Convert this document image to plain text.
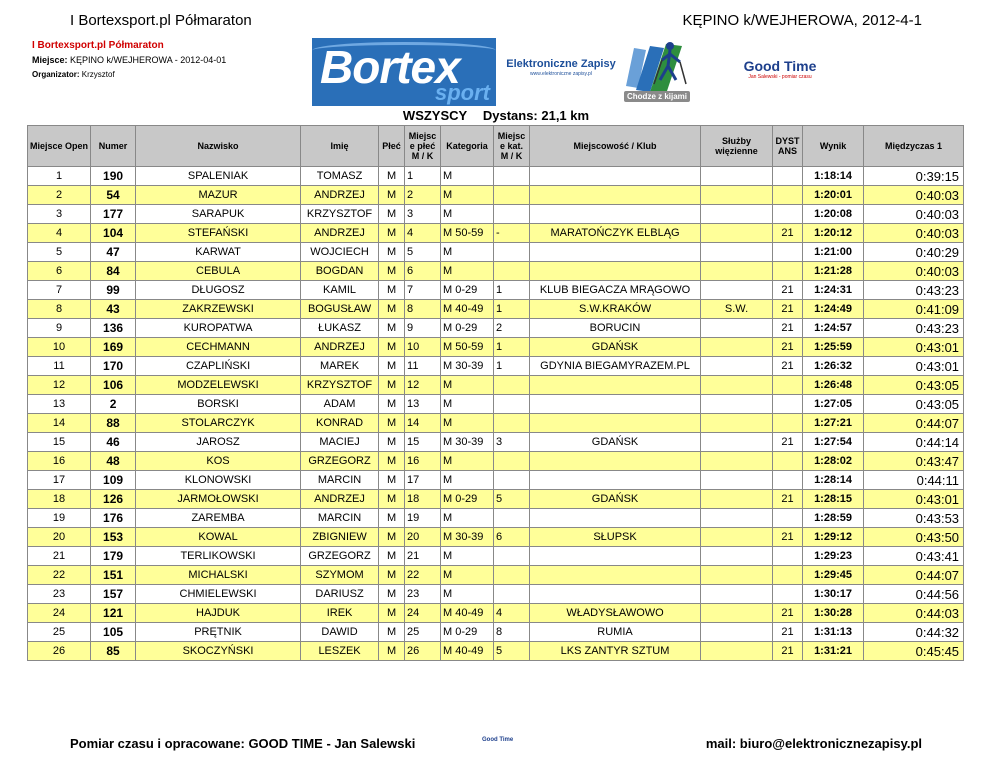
I Bortexsport.pl Półmaraton	KĘPINO k/WEJHEROWA, 2012-4-1
I Bortexsport.pl Półmaraton
Miejsce: KĘPINO k/WEJHEROWA - 2012-04-01
Organizator: Krzysztof	Bortex
sport
Elektroniczne Zapisy
www.elektroniczne zapisy.pl
Chodze z kijami
Good Time
Jan Salewski - pomiar czasu
WSZYSCY Dystans: 21,1 km
Miejsce Open	Numer	Nazwisko	Imię	Płeć	Miejsc e płeć M / K	Kategoria	Miejsc e kat. M / K	Miejscowość / Klub	Służby więzienne	DYST ANS	Wynik	Międzyczas 1
1	190	SPALENIAK	TOMASZ	M	1	M					1:18:14	0:39:15
2	54	MAZUR	ANDRZEJ	M	2	M					1:20:01	0:40:03
3	177	SARAPUK	KRZYSZTOF	M	3	M					1:20:08	0:40:03
4	104	STEFAŃSKI	ANDRZEJ	M	4	M 50-59	-	MARATOŃCZYK ELBLĄG		21	1:20:12	0:40:03
5	47	KARWAT	WOJCIECH	M	5	M					1:21:00	0:40:29
6	84	CEBULA	BOGDAN	M	6	M					1:21:28	0:40:03
7	99	DŁUGOSZ	KAMIL	M	7	M 0-29	1	KLUB BIEGACZA MRĄGOWO		21	1:24:31	0:43:23
8	43	ZAKRZEWSKI	BOGUSŁAW	M	8	M 40-49	1	S.W.KRAKÓW	S.W.	21	1:24:49	0:41:09
9	136	KUROPATWA	ŁUKASZ	M	9	M 0-29	2	BORUCIN		21	1:24:57	0:43:23
10	169	CECHMANN	ANDRZEJ	M	10	M 50-59	1	GDAŃSK		21	1:25:59	0:43:01
11	170	CZAPLIŃSKI	MAREK	M	11	M 30-39	1	GDYNIA BIEGAMYRAZEM.PL		21	1:26:32	0:43:01
12	106	MODZELEWSKI	KRZYSZTOF	M	12	M					1:26:48	0:43:05
13	2	BORSKI	ADAM	M	13	M					1:27:05	0:43:05
14	88	STOLARCZYK	KONRAD	M	14	M					1:27:21	0:44:07
15	46	JAROSZ	MACIEJ	M	15	M 30-39	3	GDAŃSK		21	1:27:54	0:44:14
16	48	KOS	GRZEGORZ	M	16	M					1:28:02	0:43:47
17	109	KLONOWSKI	MARCIN	M	17	M					1:28:14	0:44:11
18	126	JARMOŁOWSKI	ANDRZEJ	M	18	M 0-29	5	GDAŃSK		21	1:28:15	0:43:01
19	176	ZAREMBA	MARCIN	M	19	M					1:28:59	0:43:53
20	153	KOWAL	ZBIGNIEW	M	20	M 30-39	6	SŁUPSK		21	1:29:12	0:43:50
21	179	TERLIKOWSKI	GRZEGORZ	M	21	M					1:29:23	0:43:41
22	151	MICHALSKI	SZYMOM	M	22	M					1:29:45	0:44:07
23	157	CHMIELEWSKI	DARIUSZ	M	23	M					1:30:17	0:44:56
24	121	HAJDUK	IREK	M	24	M 40-49	4	WŁADYSŁAWOWO		21	1:30:28	0:44:03
25	105	PRĘTNIK	DAWID	M	25	M 0-29	8	RUMIA		21	1:31:13	0:44:32
26	85	SKOCZYŃSKI	LESZEK	M	26	M 40-49	5	LKS ZANTYR SZTUM		21	1:31:21	0:45:45
Pomiar czasu i opracowane: GOOD TIME - Jan Salewski	Good Time	mail: biuro@elektronicznezapisy.pl
